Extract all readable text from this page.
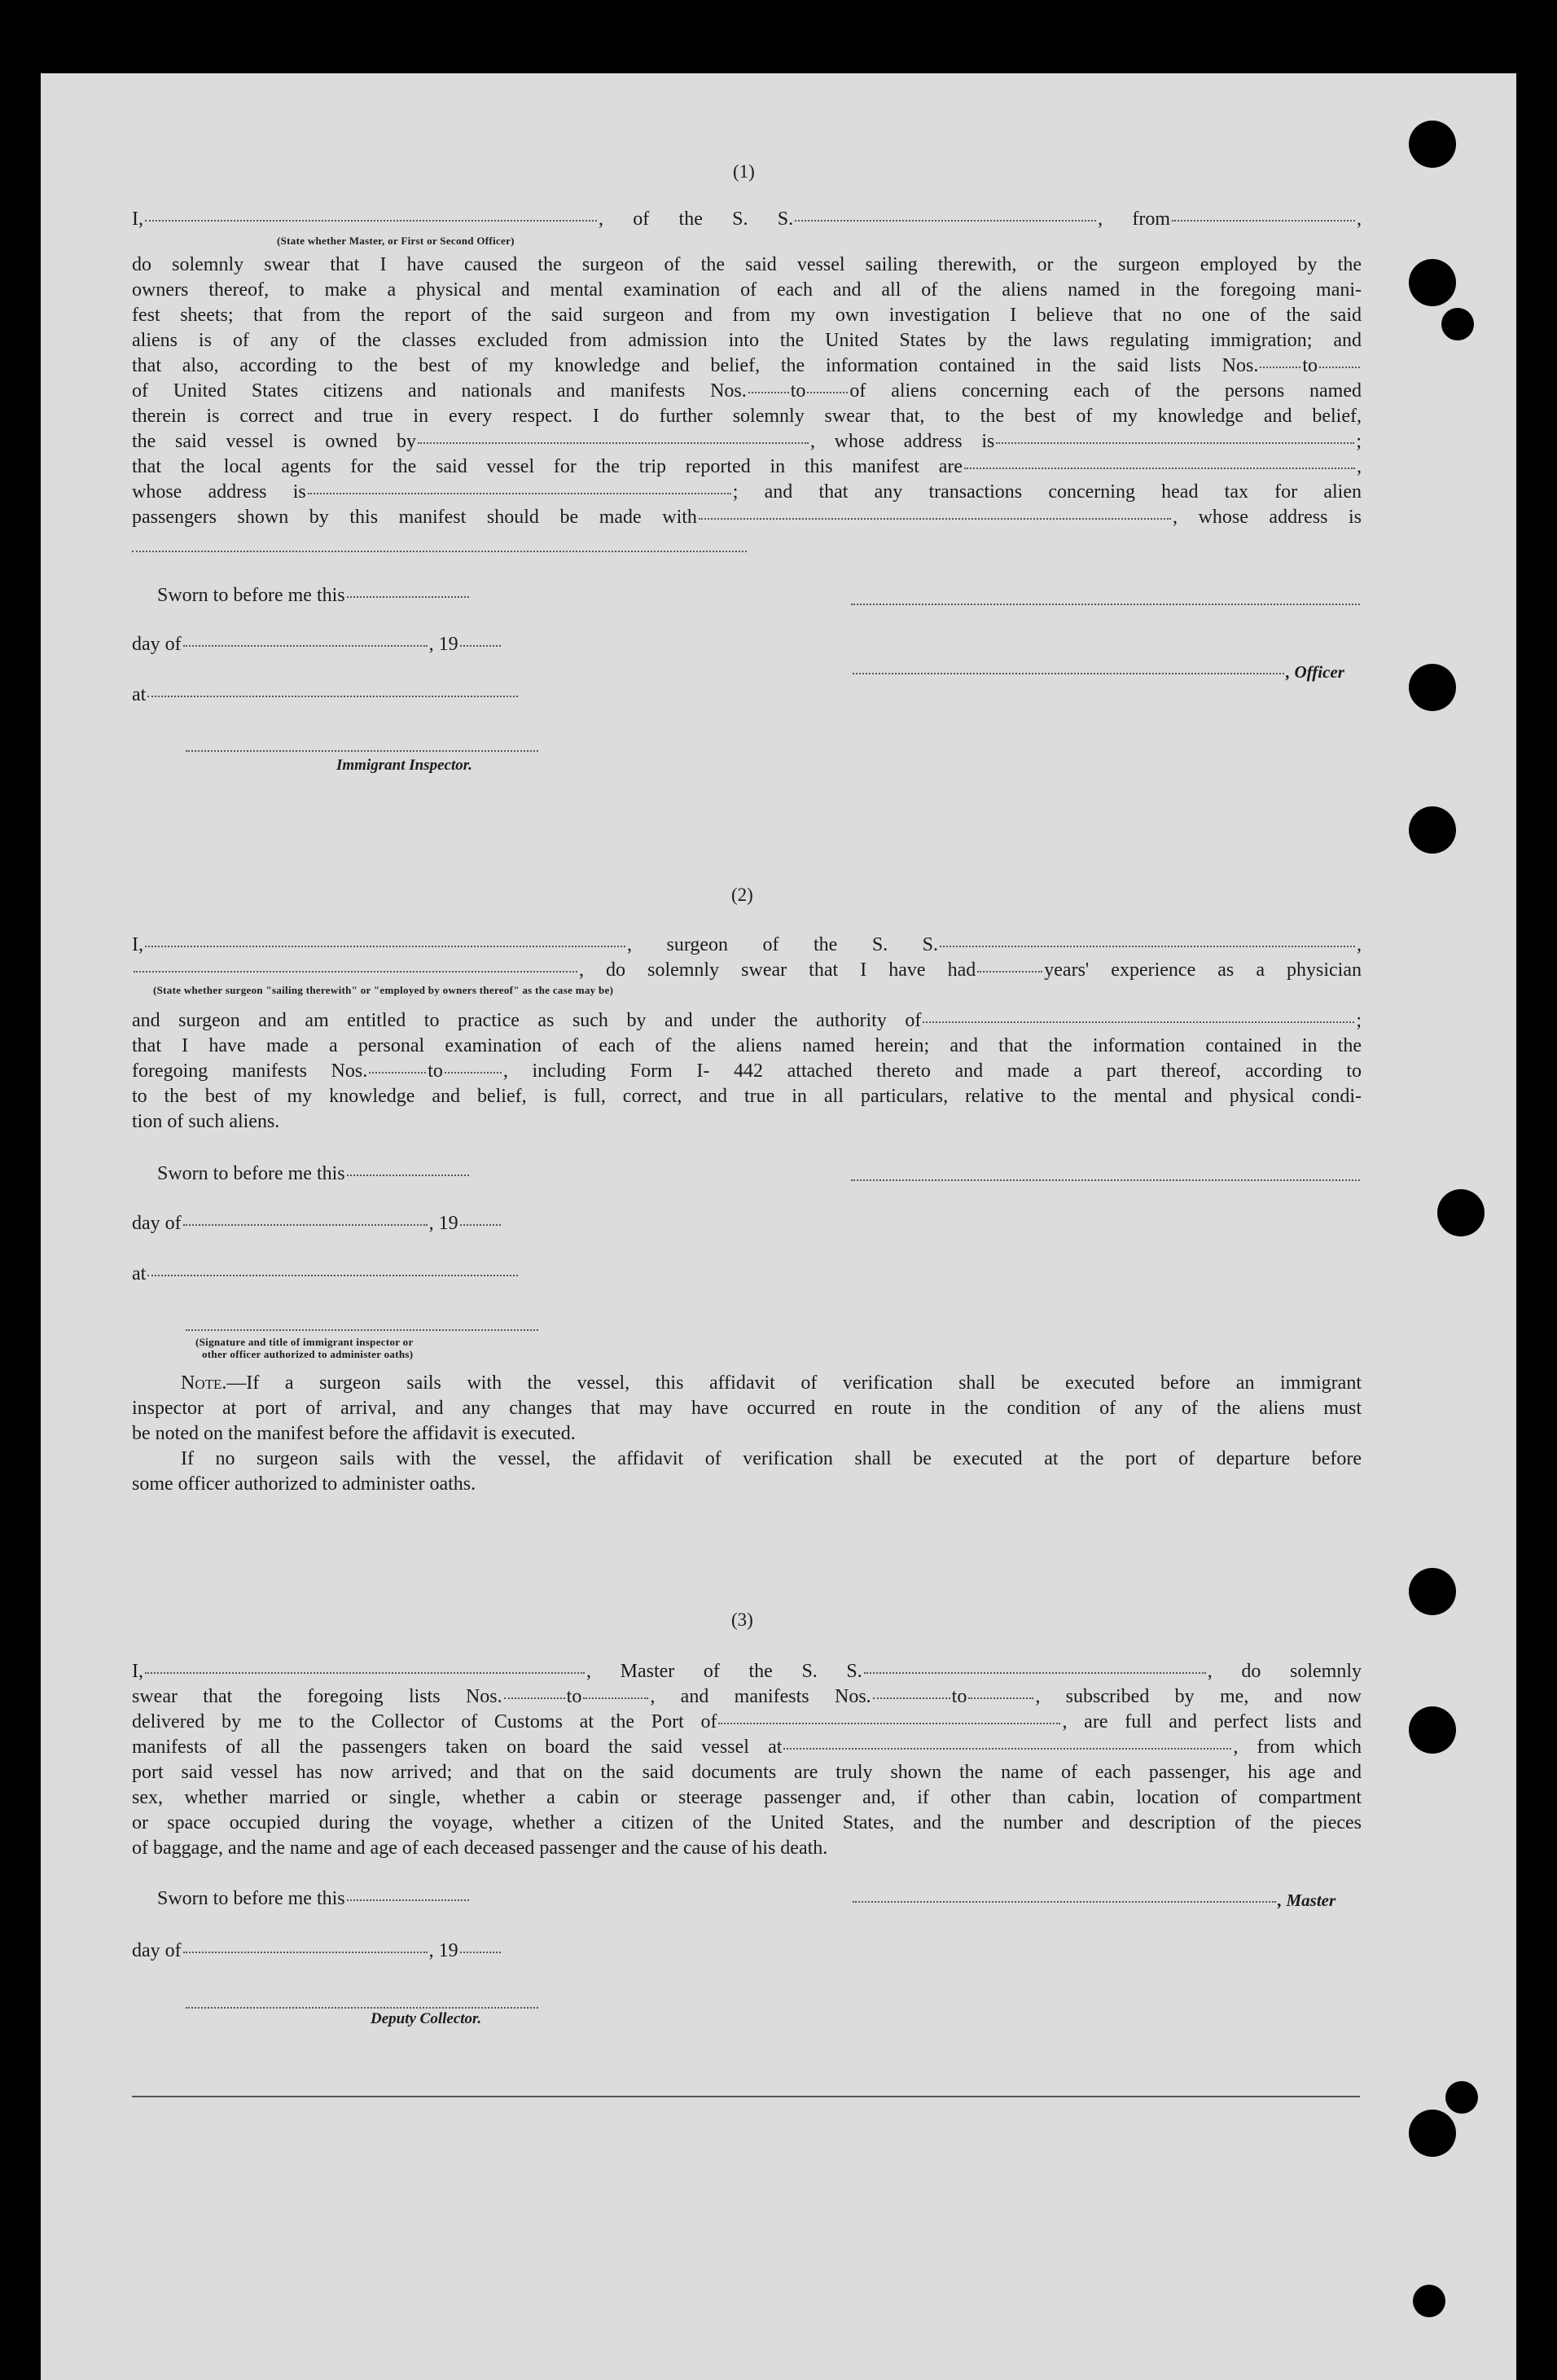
(1)
I,	, of the S. S.	, from	,
(State whether Master, or First or Second Officer)
do solemnly swear that I have caused the surgeon of the said vessel sailing therewith, or the surgeon employed by the
owners thereof, to make a physical and mental examination of each and all of the aliens named in the foregoing mani-
fest sheets; that from the report of the said surgeon and from my own investigation I believe that no one of the said
aliens is of any of the classes excluded from admission into the United States by the laws regulating immigration; and
that also, according to the best of my knowledge and belief, the information contained in the said lists Nos. to
of United States citizens and nationals and manifests Nos. to of aliens concerning each of the persons named
therein is correct and true in every respect. I do further solemnly swear that, to the best of my knowledge and belief,
the said vessel is owned by	, whose address is	;
that the local agents for the said vessel for the trip reported in this manifest are	,
whose address is	; and that any transactions concerning head tax for alien
passengers shown by this manifest should be made with	, whose address is
Sworn to before me this
day of	, 19
, Officer
at
Immigrant Inspector.
(2)
I,	, surgeon of the S. S.	,
, do solemnly swear that I have had	years' experience as a physician
(State whether surgeon "sailing therewith" or "employed by owners thereof" as the case may be)
and surgeon and am entitled to practice as such by and under the authority of	;
that I have made a personal examination of each of the aliens named herein; and that the information contained in the
foregoing manifests Nos.	to	, including Form I- 442 attached thereto and made a part thereof, according to
to the best of my knowledge and belief, is full, correct, and true in all particulars, relative to the mental and physical condi-
tion of such aliens.
Sworn to before me this
day of	, 19
at
(Signature and title of immigrant inspector or
other officer authorized to administer oaths)
Note.—If a surgeon sails with the vessel, this affidavit of verification shall be executed before an immigrant
inspector at port of arrival, and any changes that may have occurred en route in the condition of any of the aliens must
be noted on the manifest before the affidavit is executed.
If no surgeon sails with the vessel, the affidavit of verification shall be executed at the port of departure before
some officer authorized to administer oaths.
(3)
I,	, Master of the S. S.	, do solemnly
swear that the foregoing lists Nos.	to	, and manifests Nos.	to	, subscribed by me, and now
delivered by me to the Collector of Customs at the Port of	, are full and perfect lists and
manifests of all the passengers taken on board the said vessel at	, from which
port said vessel has now arrived; and that on the said documents are truly shown the name of each passenger, his age and
sex, whether married or single, whether a cabin or steerage passenger and, if other than cabin, location of compartment
or space occupied during the voyage, whether a citizen of the United States, and the number and description of the pieces
of baggage, and the name and age of each deceased passenger and the cause of his death.
Sworn to before me this	, Master
day of	, 19
Deputy Collector.
